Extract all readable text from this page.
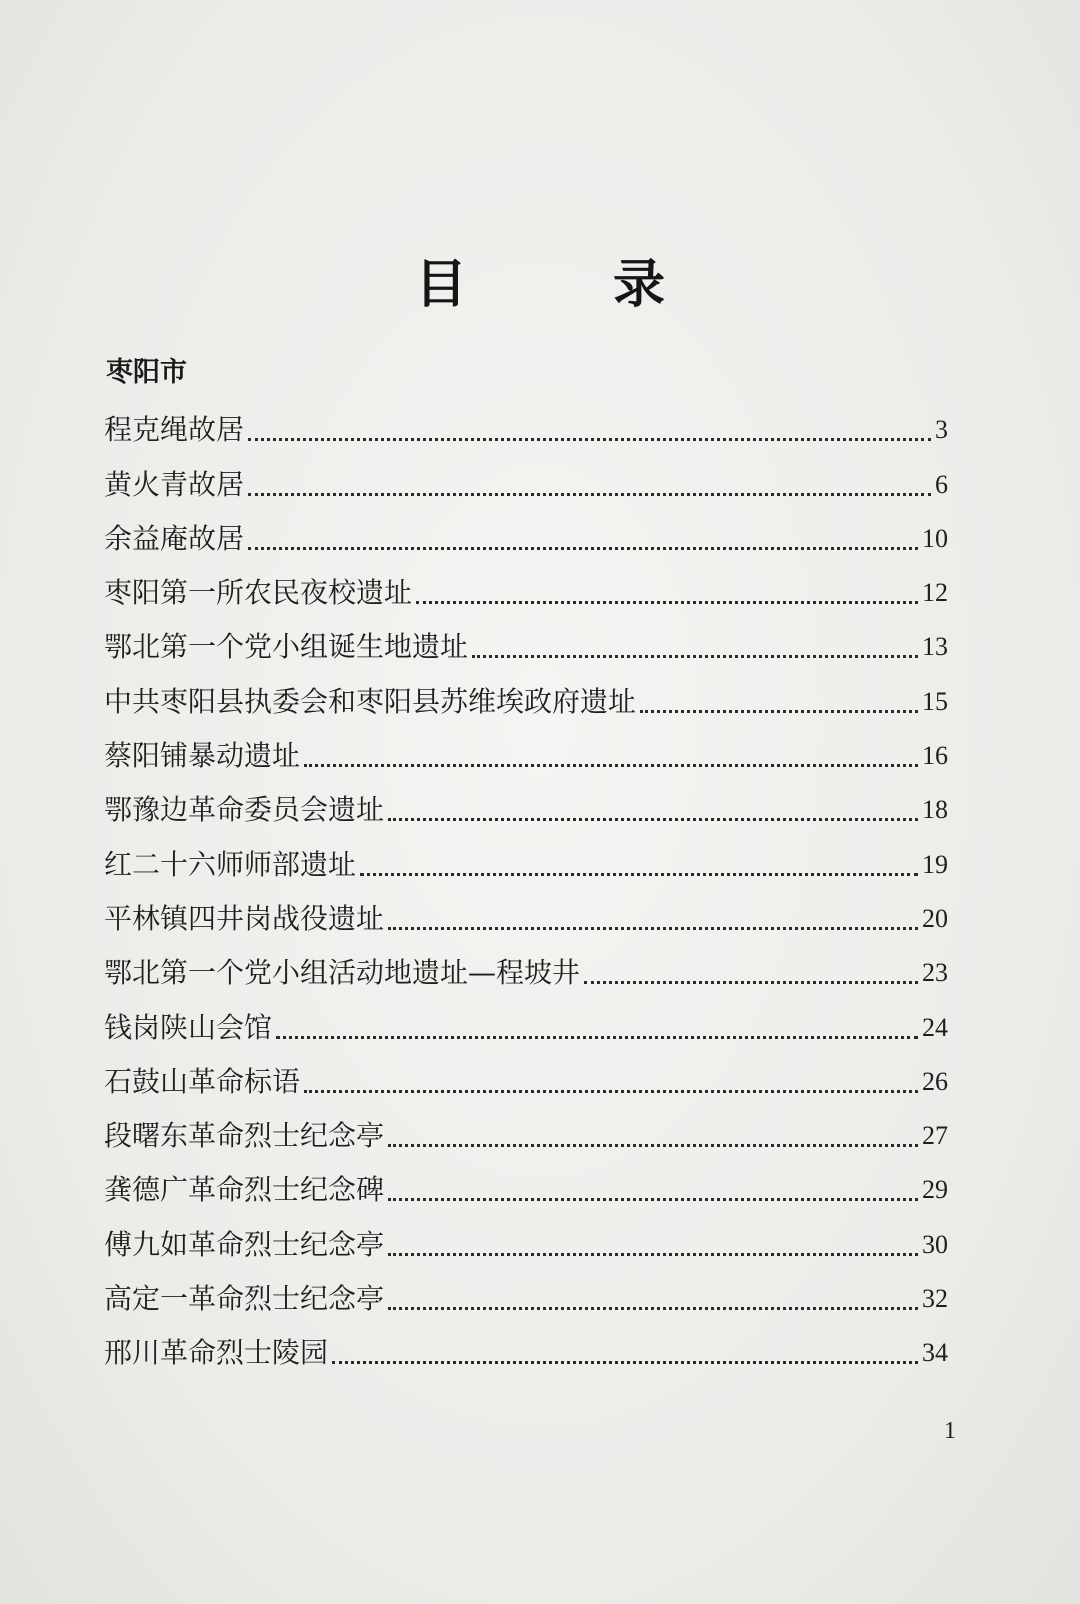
目 录
枣阳市
程克绳故居	3
黄火青故居	6
余益庵故居	10
枣阳第一所农民夜校遗址	12
鄂北第一个党小组诞生地遗址	13
中共枣阳县执委会和枣阳县苏维埃政府遗址	15
蔡阳铺暴动遗址	16
鄂豫边革命委员会遗址	18
红二十六师师部遗址	19
平林镇四井岗战役遗址	20
鄂北第一个党小组活动地遗址—程坡井	23
钱岗陕山会馆	24
石鼓山革命标语	26
段曙东革命烈士纪念亭	27
龚德广革命烈士纪念碑	29
傅九如革命烈士纪念亭	30
高定一革命烈士纪念亭	32
邢川革命烈士陵园	34
1
